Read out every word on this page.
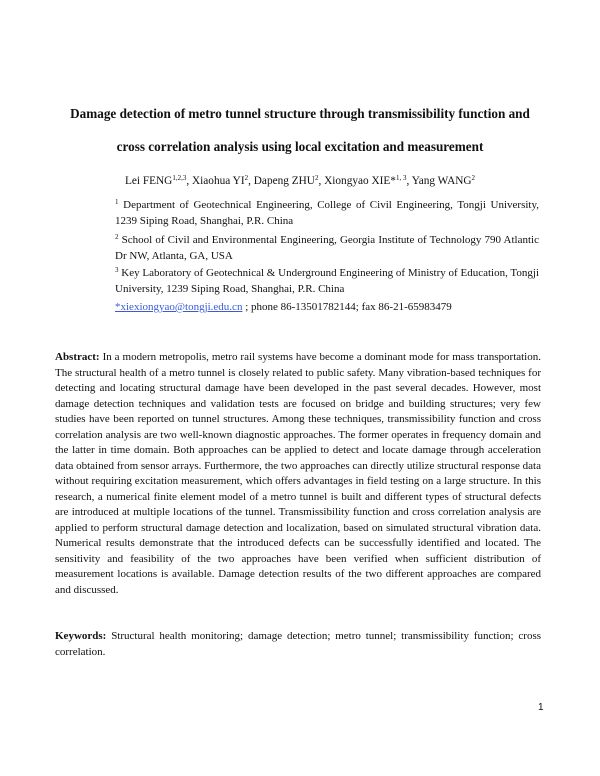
Damage detection of metro tunnel structure through transmissibility function and
cross correlation analysis using local excitation and measurement
Lei FENG$^{1,2,3}$, Xiaohua $YI^2$, Dapeng ZHU$^2$, Xiongyao XIE*$^{1, 3}$, Yang WANG$^2$
$^1$ Department of Geotechnical Engineering, College of Civil Engineering, Tongji University, 1239 Siping Road, Shanghai, P.R. China
$^2$ School of Civil and Environmental Engineering, Georgia Institute of Technology 790 Atlantic Dr NW, Atlanta, GA, USA
$^3$ Key Laboratory of Geotechnical & Underground Engineering of Ministry of Education, Tongji University, 1239 Siping Road, Shanghai, P.R. China
*xiexiongyao@tongji.edu.cn ; phone 86-13501782144; fax 86-21-65983479
Abstract: In a modern metropolis, metro rail systems have become a dominant mode for mass transportation. The structural health of a metro tunnel is closely related to public safety. Many vibration-based techniques for detecting and locating structural damage have been developed in the past several decades. However, most damage detection techniques and validation tests are focused on bridge and building structures; very few studies have been reported on tunnel structures. Among these techniques, transmissibility function and cross correlation analysis are two well-known diagnostic approaches. The former operates in frequency domain and the latter in time domain. Both approaches can be applied to detect and locate damage through acceleration data obtained from sensor arrays. Furthermore, the two approaches can directly utilize structural response data without requiring excitation measurement, which offers advantages in field testing on a large structure. In this research, a numerical finite element model of a metro tunnel is built and different types of structural defects are introduced at multiple locations of the tunnel. Transmissibility function and cross correlation analysis are applied to perform structural damage detection and localization, based on simulated structural vibration data. Numerical results demonstrate that the introduced defects can be successfully identified and located. The sensitivity and feasibility of the two approaches have been verified when sufficient distribution of measurement locations is available. Damage detection results of the two different approaches are compared and discussed.
Keywords: Structural health monitoring; damage detection; metro tunnel; transmissibility function; cross correlation.
1
